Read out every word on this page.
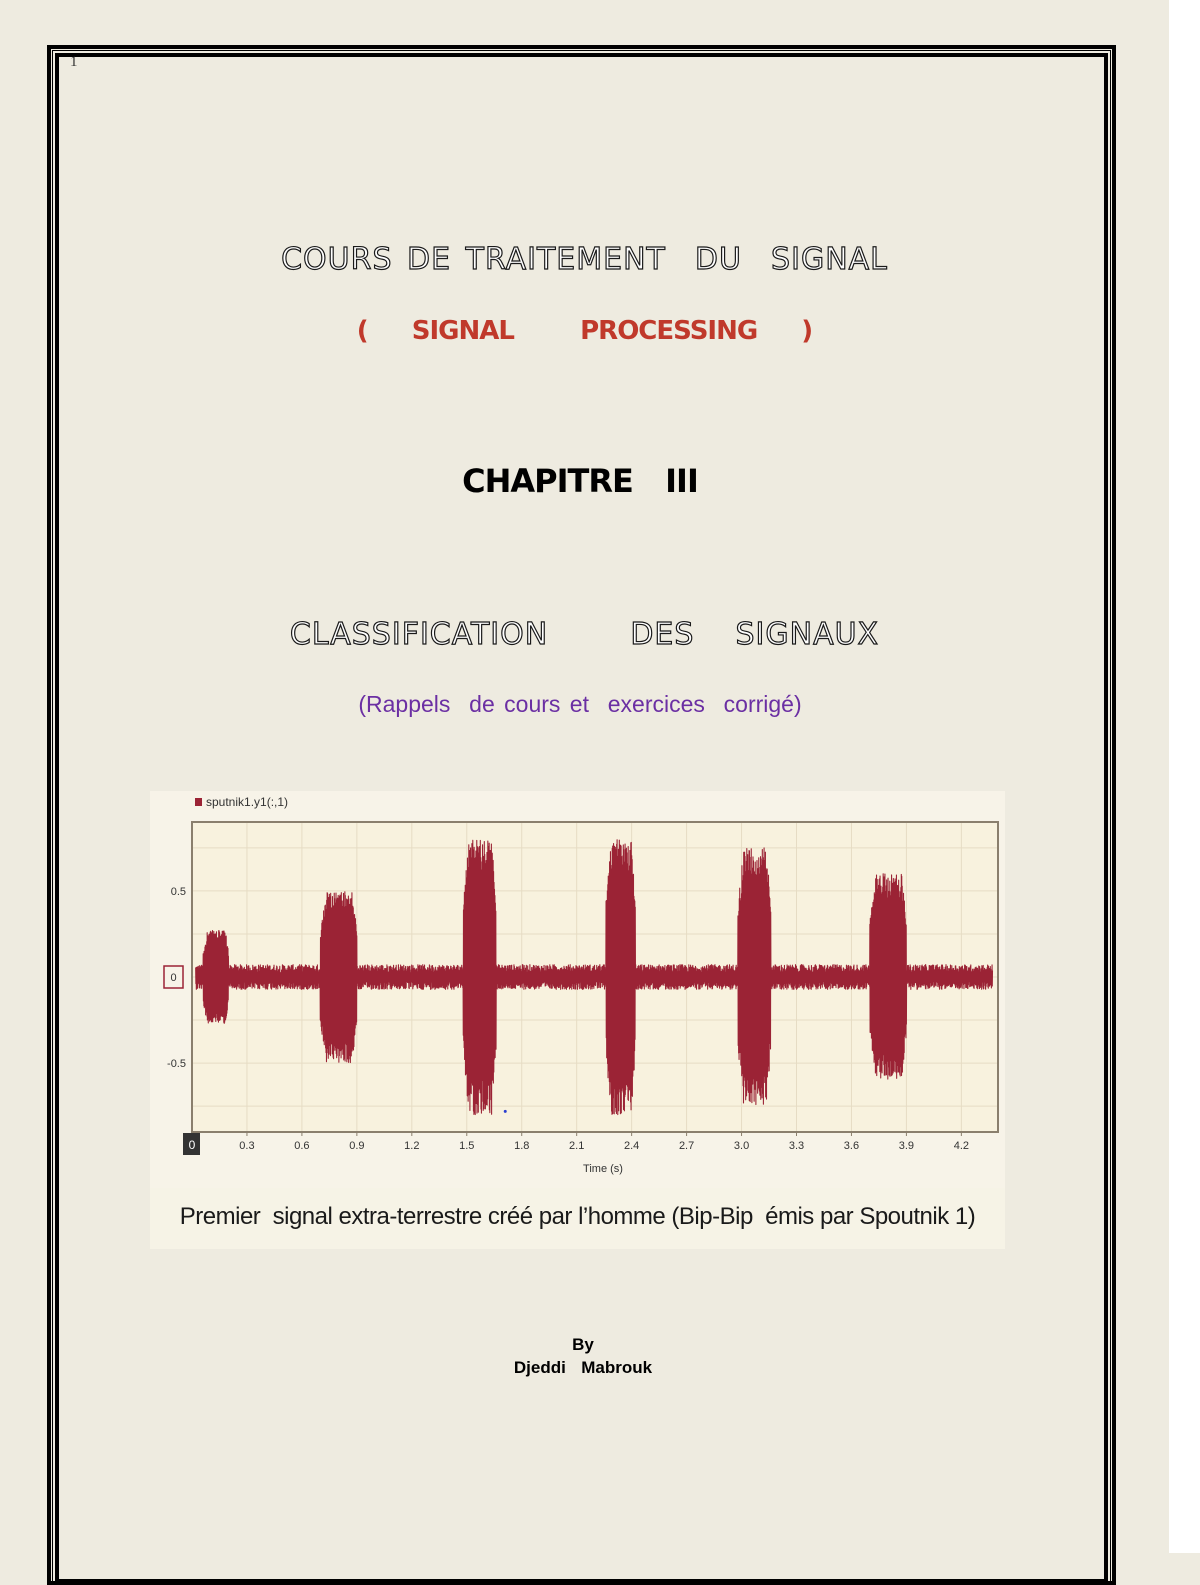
1
COURS DE TRAITEMENT  DU  SIGNAL
(  SIGNAL   PROCESSING  )
CHAPITRE  III
CLASSIFICATION    DES  SIGNAUX
(Rappels  de cours et  exercices  corrigé)
0	0.3	0.6	0.9	1.2	1.5	1.8	2.1	2.4	2.7	3.0	3.3	3.6	3.9	4.2
0.5
0
-0.5
Time (s)
sputnik1.y1(:,1)
Premier  signal extra-terrestre créé par l’homme (Bip-Bip  émis par Spoutnik 1)
By
Djeddi  Mabrouk
